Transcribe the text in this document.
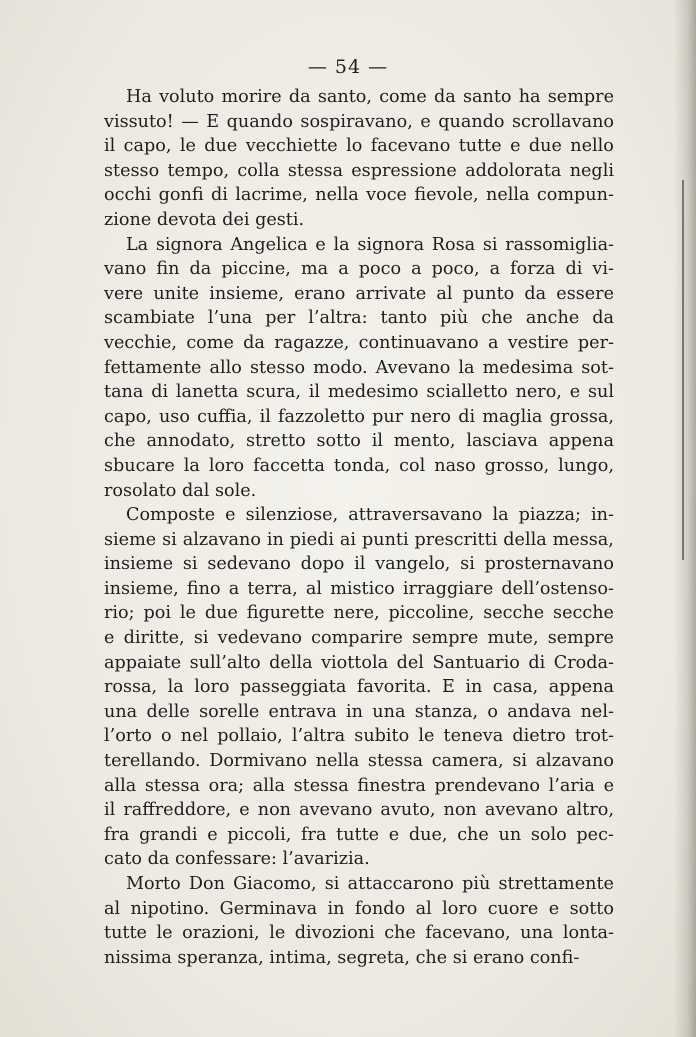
— 54 —
Ha voluto morire da santo, come da santo ha sempre
vissuto! — E quando sospiravano, e quando scrollavano
il capo, le due vecchiette lo facevano tutte e due nello
stesso tempo, colla stessa espressione addolorata negli
occhi gonfi di lacrime, nella voce fievole, nella compun-
zione devota dei gesti.
La signora Angelica e la signora Rosa si rassomiglia-
vano fin da piccine, ma a poco a poco, a forza di vi-
vere unite insieme, erano arrivate al punto da essere
scambiate l’una per l’altra: tanto più che anche da
vecchie, come da ragazze, continuavano a vestire per-
fettamente allo stesso modo. Avevano la medesima sot-
tana di lanetta scura, il medesimo scialletto nero, e sul
capo, uso cuffia, il fazzoletto pur nero di maglia grossa,
che annodato, stretto sotto il mento, lasciava appena
sbucare la loro faccetta tonda, col naso grosso, lungo,
rosolato dal sole.
Composte e silenziose, attraversavano la piazza; in-
sieme si alzavano in piedi ai punti prescritti della messa,
insieme si sedevano dopo il vangelo, si prosternavano
insieme, fino a terra, al mistico irraggiare dell’ostenso-
rio; poi le due figurette nere, piccoline, secche secche
e diritte, si vedevano comparire sempre mute, sempre
appaiate sull’alto della viottola del Santuario di Croda-
rossa, la loro passeggiata favorita. E in casa, appena
una delle sorelle entrava in una stanza, o andava nel-
l’orto o nel pollaio, l’altra subito le teneva dietro trot-
terellando. Dormivano nella stessa camera, si alzavano
alla stessa ora; alla stessa finestra prendevano l’aria e
il raffreddore, e non avevano avuto, non avevano altro,
fra grandi e piccoli, fra tutte e due, che un solo pec-
cato da confessare: l’avarizia.
Morto Don Giacomo, si attaccarono più strettamente
al nipotino. Germinava in fondo al loro cuore e sotto
tutte le orazioni, le divozioni che facevano, una lonta-
nissima speranza, intima, segreta, che si erano confi-
